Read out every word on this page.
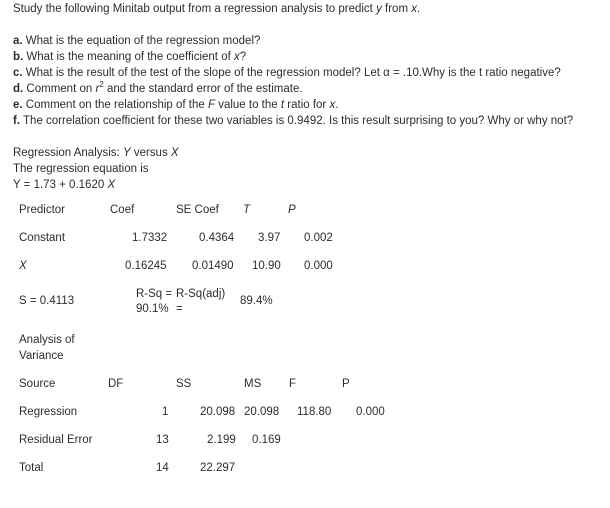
Study the following Minitab output from a regression analysis to predict y from x.
a. What is the equation of the regression model?
b. What is the meaning of the coefficient of x?
c. What is the result of the test of the slope of the regression model? Let α = .10.Why is the t ratio negative?
d. Comment on $r^2$ and the standard error of the estimate.
e. Comment on the relationship of the F value to the t ratio for x.
f. The correlation coefficient for these two variables is 0.9492. Is this result surprising to you? Why or why not?
Regression Analysis: Y versus X
The regression equation is
Y = 1.73 + 0.1620 X
Predictor	Coef	SE Coef T	P
Constant	1.7332	0.4364 3.97 0.002
X	0.16245 0.01490 10.90 0.000
S = 0.4113
R-Sq =
90.1%
R-Sq(adj)
=
89.4%
Analysis of
Variance
Source	DF	SS	MS F	P
Regression	1	20.098 20.098 118.80 0.000
Residual Error	13	2.199 0.169
Total	14	22.297
